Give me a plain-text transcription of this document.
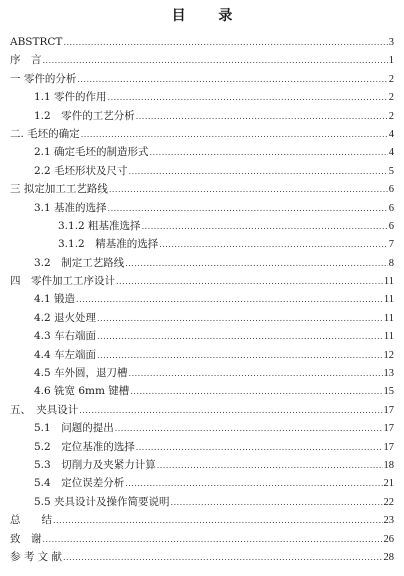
目 录
ABSTRCT .....	3
序　言 .....	1
一 零件的分析 .....	2
1.1 零件的作用 .....	2
1.2　零件的工艺分析 .....	2
二. 毛坯的确定 .....	4
2.1 确定毛坯的制造形式 .....	4
2.2 毛坯形状及尺寸 .....	5
三 拟定加工工艺路线 .....	6
3.1 基准的选择 .....	6
3.1.2 粗基准选择 .....	6
3.1.2　精基准的选择 .....	7
3.2　制定工艺路线 .....	8
四　零件加工工序设计 .....	11
4.1 锻造 .....	11
4.2 退火处理 .....	11
4.3 车右端面 .....	11
4.4 车左端面 .....	12
4.5 车外圆，退刀槽 .....	13
4.6 铣宽 6mm 键槽 .....	15
五、　夹具设计 .....	17
5.1　问题的提出 .....	17
5.2　定位基准的选择 .....	17
5.3　切削力及夹紧力计算 .....	18
5.4　定位误差分析 .....	21
5.5 夹具设计及操作简要说明 .....	22
总　　结 .....	23
致　谢 .....	26
参 考 文 献 .....	28
